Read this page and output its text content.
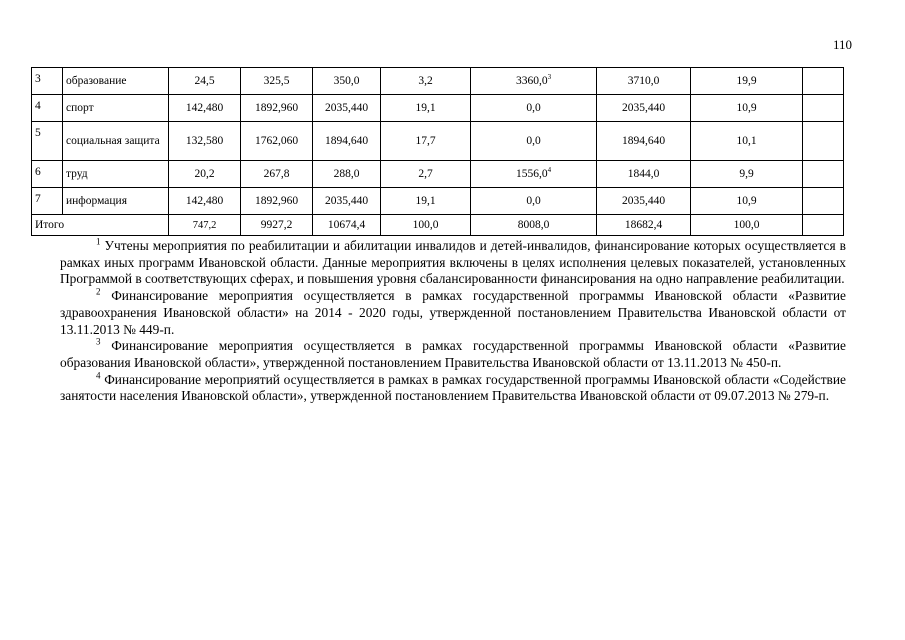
110
3	образование	24,5	325,5	350,0	3,2	3360,0$^3$	3710,0	19,9	
4	спорт	142,480	1892,960	2035,440	19,1	0,0	2035,440	10,9	
5	социальная защита	132,580	1762,060	1894,640	17,7	0,0	1894,640	10,1	
6	труд	20,2	267,8	288,0	2,7	1556,0$^4$	1844,0	9,9	
7	информация	142,480	1892,960	2035,440	19,1	0,0	2035,440	10,9	
Итого		747,2	9927,2	10674,4	100,0	8008,0	18682,4	100,0	

$^1$ Учтены мероприятия по реабилитации и абилитации инвалидов и детей-инвалидов, финансирование которых осуществляется в рамках иных программ Ивановской области. Данные мероприятия включены в целях исполнения целевых показателей, установленных Программой в соответствующих сферах, и повышения уровня сбалансированности финансирования на одно направление реабилитации.

$^2$ Финансирование мероприятия осуществляется в рамках государственной программы Ивановской области «Развитие здравоохранения Ивановской области» на 2014 - 2020 годы, утвержденной постановлением Правительства Ивановской области от 13.11.2013 № 449-п.

$^3$ Финансирование мероприятия осуществляется в рамках государственной программы Ивановской области «Развитие образования Ивановской области», утвержденной постановлением Правительства Ивановской области от 13.11.2013 № 450-п.

$^4$ Финансирование мероприятий осуществляется в рамках в рамках государственной программы Ивановской области «Содействие занятости населения Ивановской области», утвержденной постановлением Правительства Ивановской области от 09.07.2013 № 279-п.
